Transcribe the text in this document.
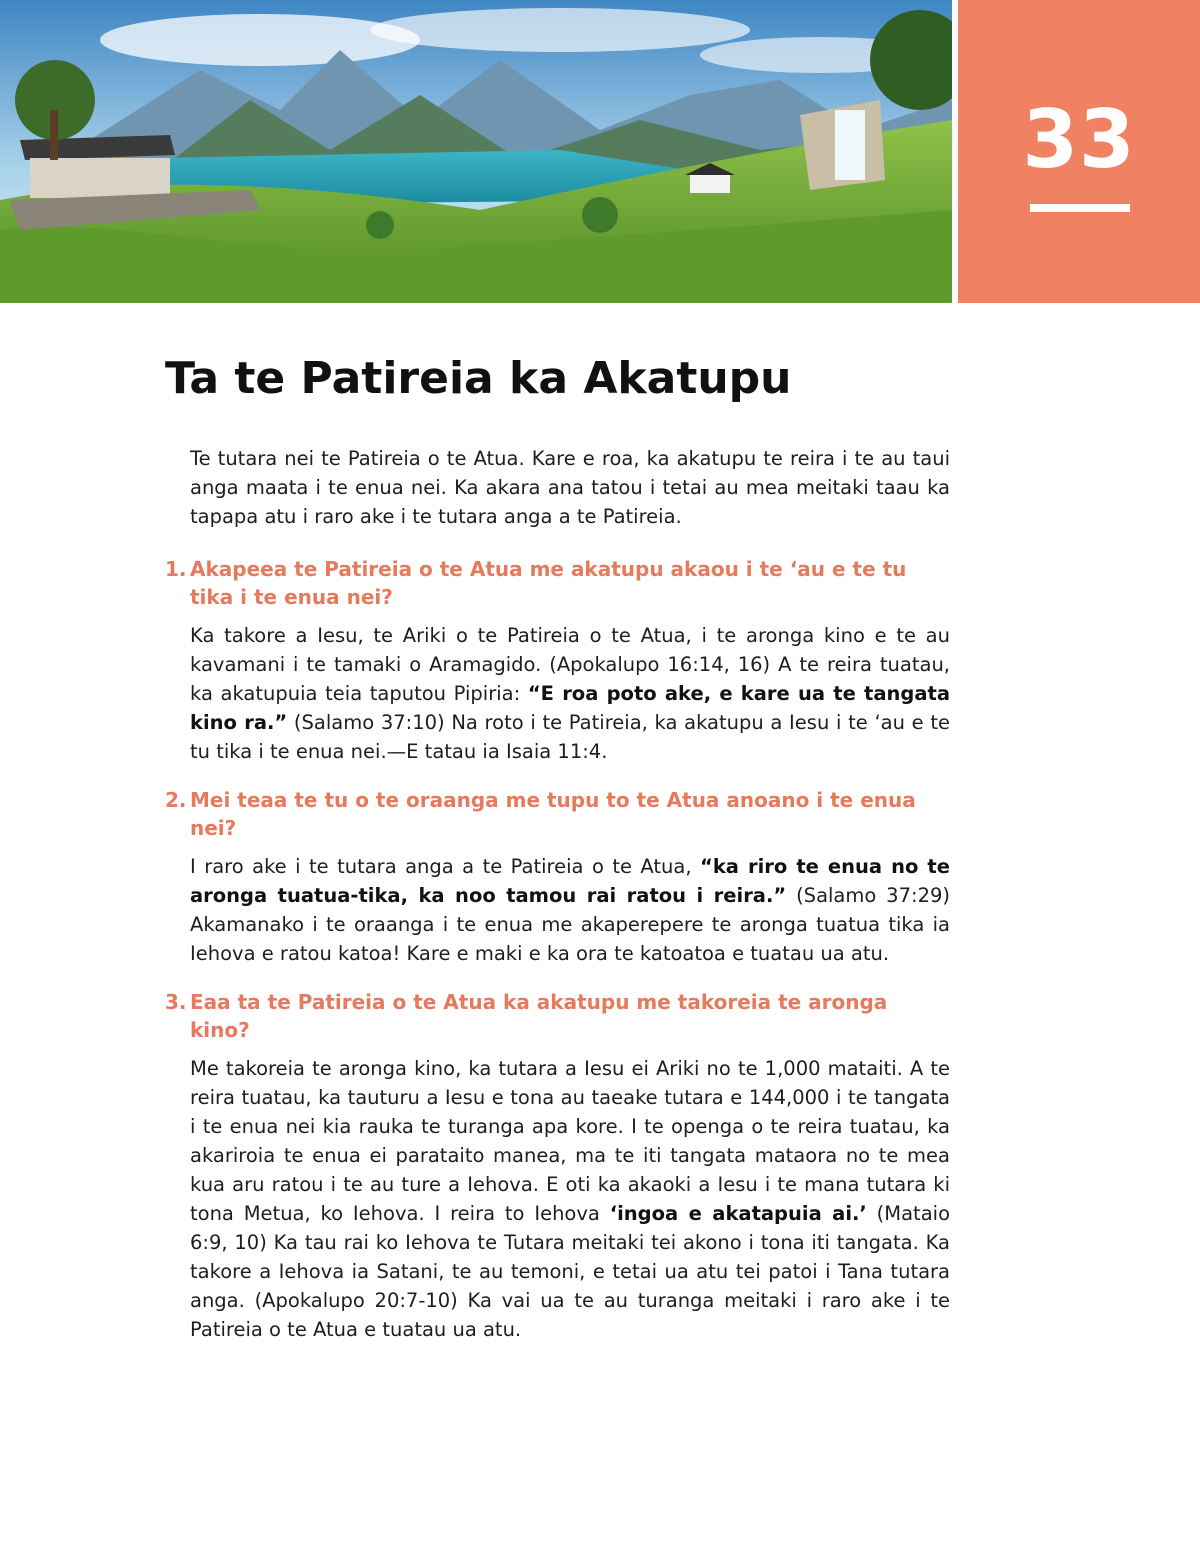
33
Ta te Patireia ka Akatupu

Te tutara nei te Patireia o te Atua. Kare e roa, ka akatupu te reira i te au taui anga maata i te enua nei. Ka akara ana tatou i tetai au mea meitaki taau ka tapapa atu i raro ake i te tutara anga a te Patireia.

1. Akapeea te Patireia o te Atua me akatupu akaou i te ‘au e te tu tika i te enua nei?

Ka takore a Iesu, te Ariki o te Patireia o te Atua, i te aronga kino e te au kavamani i te tamaki o Aramagido. (Apokalupo 16:14, 16) A te reira tuatau, ka akatupuia teia taputou Pipiria: “E roa poto ake, e kare ua te tangata kino ra.” (Salamo 37:10) Na roto i te Patireia, ka akatupu a Iesu i te ‘au e te tu tika i te enua nei.—E tatau ia Isaia 11:4.

2. Mei teaa te tu o te oraanga me tupu to te Atua anoano i te enua nei?

I raro ake i te tutara anga a te Patireia o te Atua, “ka riro te enua no te aronga tuatua-tika, ka noo tamou rai ratou i reira.” (Salamo 37:29) Akamanako i te oraanga i te enua me akaperepere te aronga tuatua tika ia Iehova e ratou katoa! Kare e maki e ka ora te katoatoa e tuatau ua atu.

3. Eaa ta te Patireia o te Atua ka akatupu me takoreia te aronga kino?

Me takoreia te aronga kino, ka tutara a Iesu ei Ariki no te 1,000 mataiti. A te reira tuatau, ka tauturu a Iesu e tona au taeake tutara e 144,000 i te tangata i te enua nei kia rauka te turanga apa kore. I te openga o te reira tuatau, ka akariroia te enua ei parataito manea, ma te iti tangata mataora no te mea kua aru ratou i te au ture a Iehova. E oti ka akaoki a Iesu i te mana tutara ki tona Metua, ko Iehova. I reira to Iehova ‘ingoa e akatapuia ai.’ (Mataio 6:9, 10) Ka tau rai ko Iehova te Tutara meitaki tei akono i tona iti tangata. Ka takore a Iehova ia Satani, te au temoni, e tetai ua atu tei patoi i Tana tutara anga. (Apokalupo 20:7-10) Ka vai ua te au turanga meitaki i raro ake i te Patireia o te Atua e tuatau ua atu.
